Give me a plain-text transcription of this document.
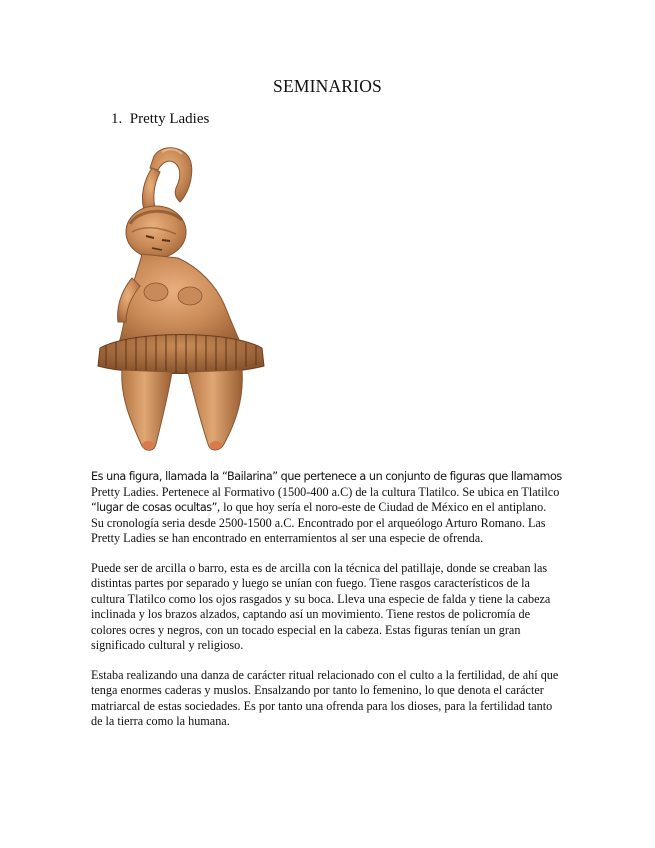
SEMINARIOS
1. Pretty Ladies

Es una figura, llamada la “Bailarina” que pertenece a un conjunto de figuras que llamamos
Pretty Ladies. Pertenece al Formativo (1500-400 a.C) de la cultura Tlatilco. Se ubica en Tlatilco “lugar de cosas ocultas”, lo que hoy sería el noro-este de Ciudad de México en el antiplano. Su cronología seria desde 2500-1500 a.C. Encontrado por el arqueólogo Arturo Romano. Las Pretty Ladies se han encontrado en enterramientos al ser una especie de ofrenda.

Puede ser de arcilla o barro, esta es de arcilla con la técnica del patillaje, donde se creaban las distintas partes por separado y luego se unían con fuego. Tiene rasgos característicos de la cultura Tlatilco como los ojos rasgados y su boca. Lleva una especie de falda y tiene la cabeza inclinada y los brazos alzados, captando así un movimiento. Tiene restos de policromía de colores ocres y negros, con un tocado especial en la cabeza. Estas figuras tenían un gran significado cultural y religioso.

Estaba realizando una danza de carácter ritual relacionado con el culto a la fertilidad, de ahí que tenga enormes caderas y muslos. Ensalzando por tanto lo femenino, lo que denota el carácter matriarcal de estas sociedades. Es por tanto una ofrenda para los dioses, para la fertilidad tanto de la tierra como la humana.
